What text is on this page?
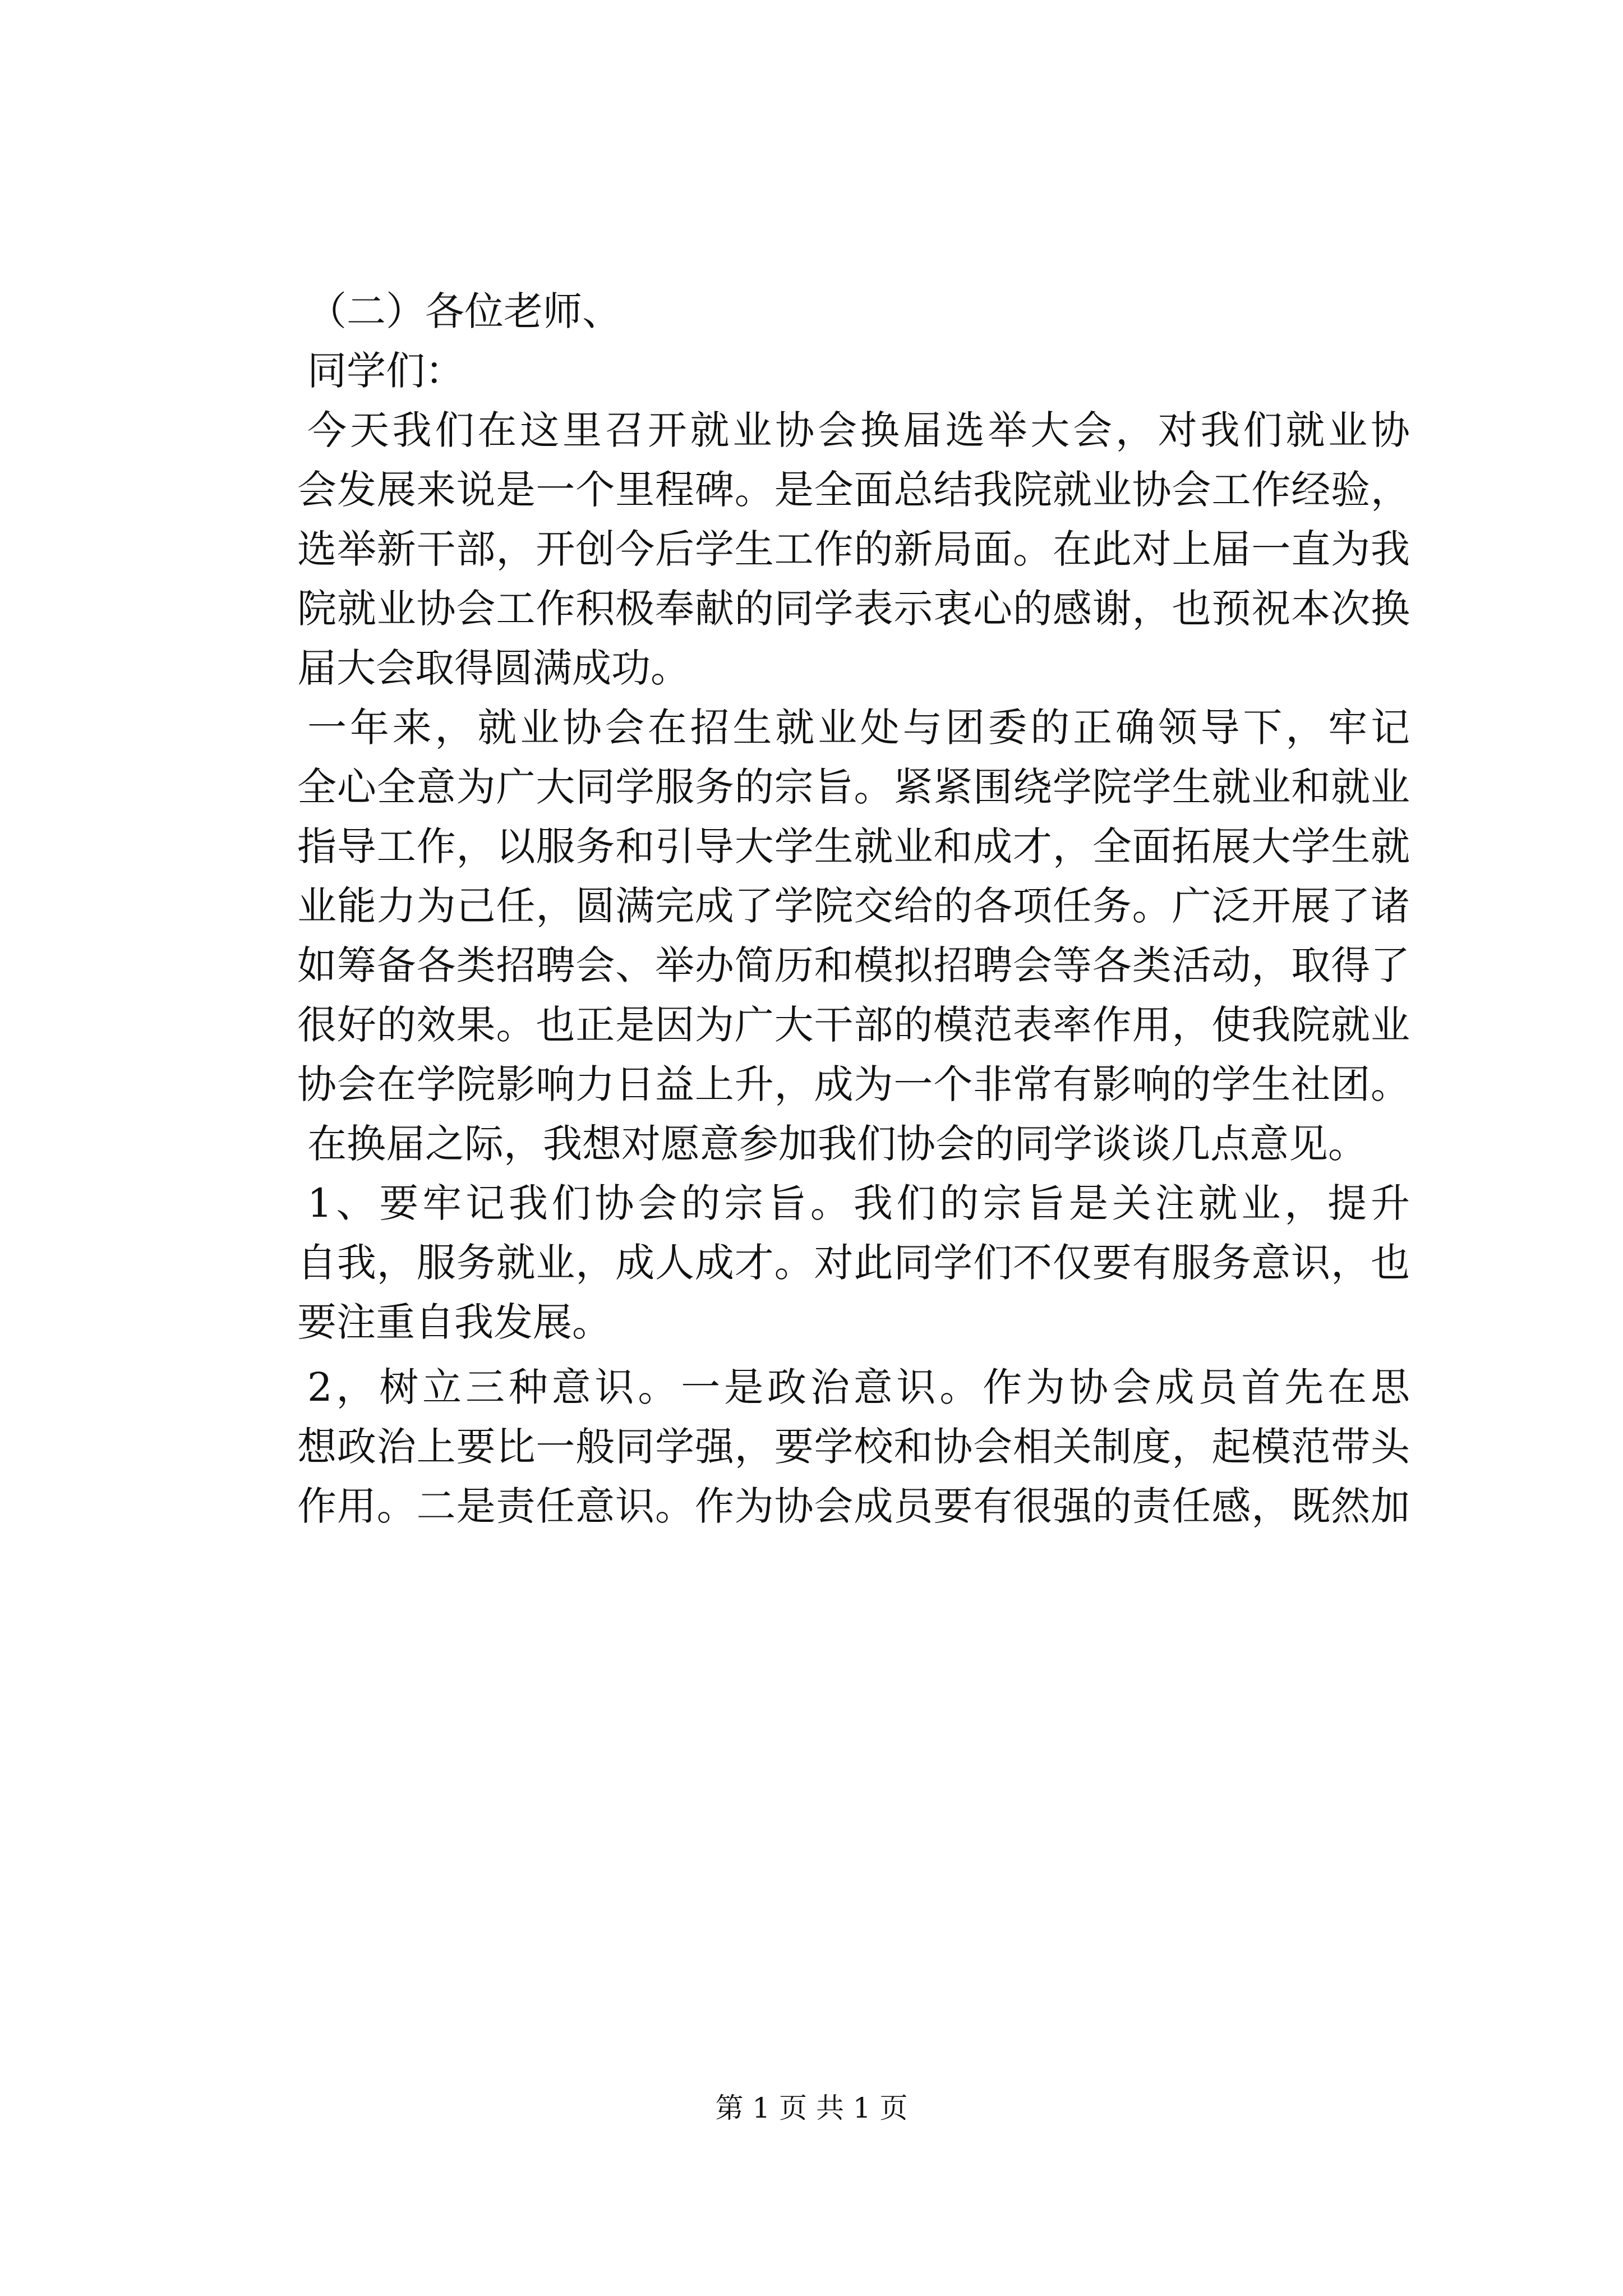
（二）各位老师、
同学们：
今天我们在这里召开就业协会换届选举大会，对我们就业协
会发展来说是一个里程碑。是全面总结我院就业协会工作经验，
选举新干部，开创今后学生工作的新局面。在此对上届一直为我
院就业协会工作积极奉献的同学表示衷心的感谢，也预祝本次换
届大会取得圆满成功。
一年来，就业协会在招生就业处与团委的正确领导下，牢记
全心全意为广大同学服务的宗旨。紧紧围绕学院学生就业和就业
指导工作，以服务和引导大学生就业和成才，全面拓展大学生就
业能力为己任，圆满完成了学院交给的各项任务。广泛开展了诸
如筹备各类招聘会、举办简历和模拟招聘会等各类活动，取得了
很好的效果。也正是因为广大干部的模范表率作用，使我院就业
协会在学院影响力日益上升，成为一个非常有影响的学生社团。
在换届之际，我想对愿意参加我们协会的同学谈谈几点意见。
1、要牢记我们协会的宗旨。我们的宗旨是关注就业，提升
自我，服务就业，成人成才。对此同学们不仅要有服务意识，也
要注重自我发展。
2，树立三种意识。一是政治意识。作为协会成员首先在思
想政治上要比一般同学强，要学校和协会相关制度，起模范带头
作用。二是责任意识。作为协会成员要有很强的责任感，既然加
第 1 页 共 1 页
